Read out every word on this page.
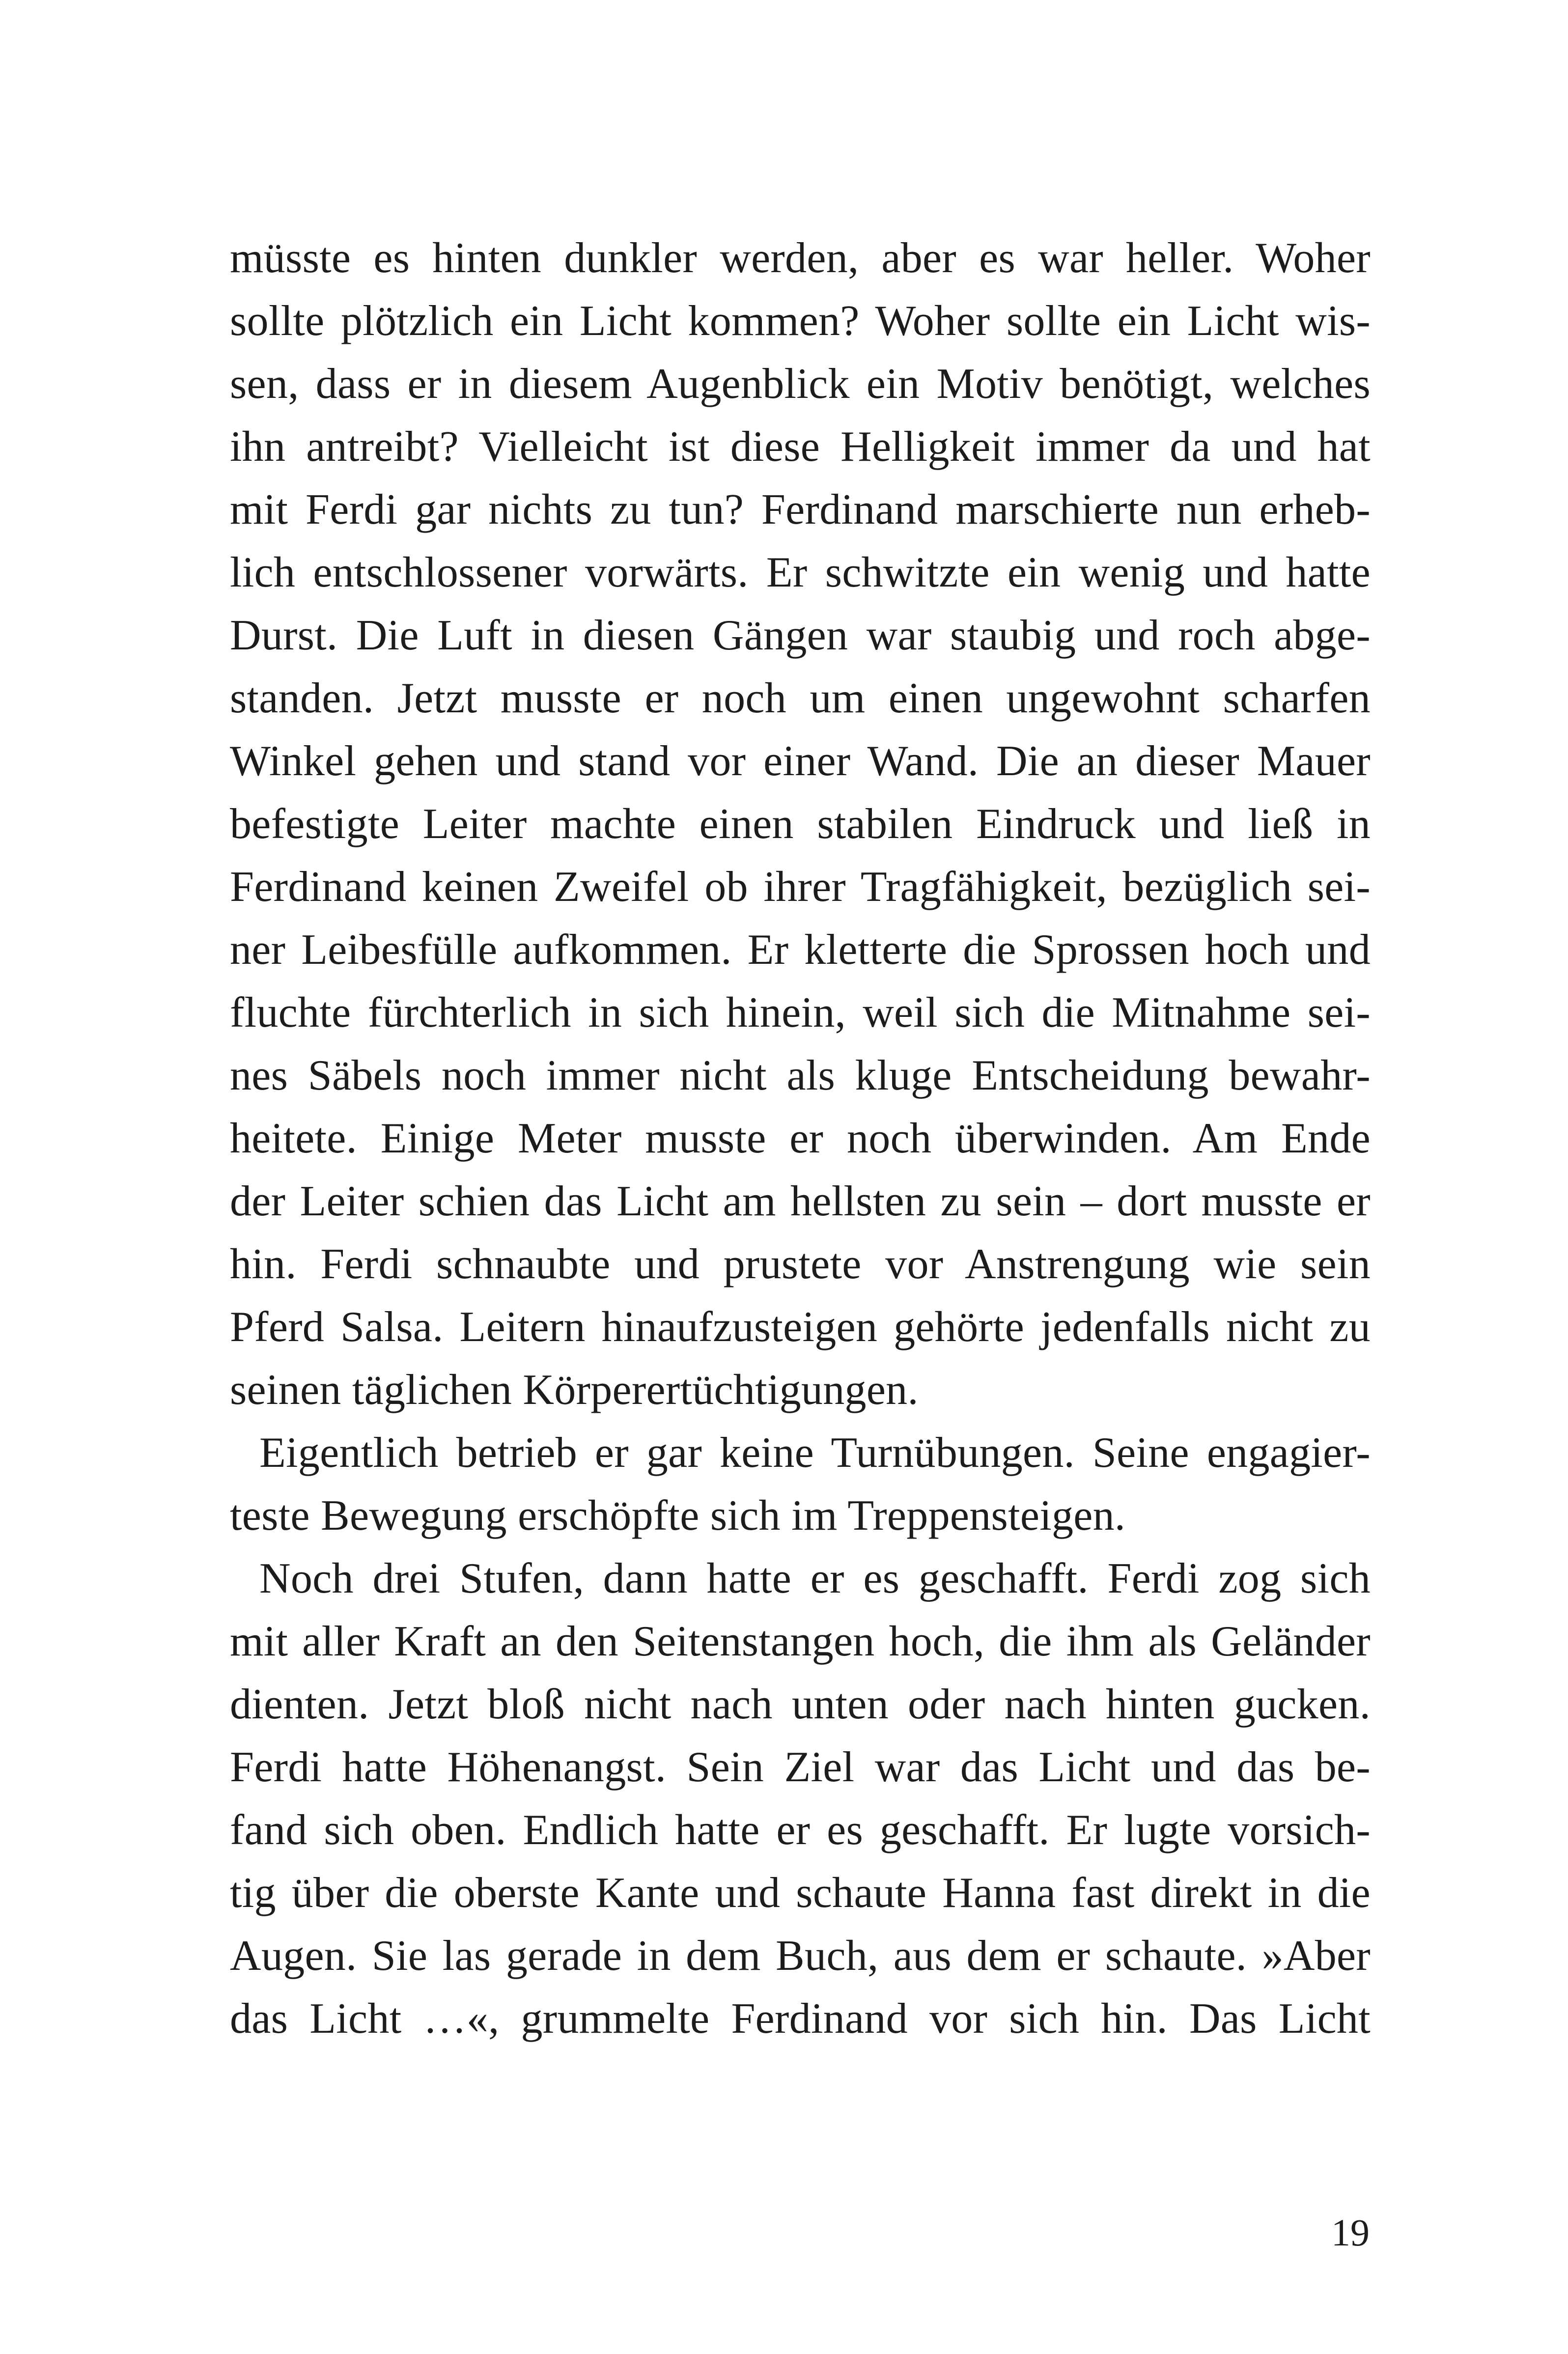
müsste es hinten dunkler werden, aber es war heller. Woher
sollte plötzlich ein Licht kommen? Woher sollte ein Licht wis-
sen, dass er in diesem Augenblick ein Motiv benötigt, welches
ihn antreibt? Vielleicht ist diese Helligkeit immer da und hat
mit Ferdi gar nichts zu tun? Ferdinand marschierte nun erheb-
lich entschlossener vorwärts. Er schwitzte ein wenig und hatte
Durst. Die Luft in diesen Gängen war staubig und roch abge-
standen. Jetzt musste er noch um einen ungewohnt scharfen
Winkel gehen und stand vor einer Wand. Die an dieser Mauer
befestigte Leiter machte einen stabilen Eindruck und ließ in
Ferdinand keinen Zweifel ob ihrer Tragfähigkeit, bezüglich sei-
ner Leibesfülle aufkommen. Er kletterte die Sprossen hoch und
fluchte fürchterlich in sich hinein, weil sich die Mitnahme sei-
nes Säbels noch immer nicht als kluge Entscheidung bewahr-
heitete. Einige Meter musste er noch überwinden. Am Ende
der Leiter schien das Licht am hellsten zu sein – dort musste er
hin. Ferdi schnaubte und prustete vor Anstrengung wie sein
Pferd Salsa. Leitern hinaufzusteigen gehörte jedenfalls nicht zu
seinen täglichen Körperertüchtigungen.
Eigentlich betrieb er gar keine Turnübungen. Seine engagier-
teste Bewegung erschöpfte sich im Treppensteigen.
Noch drei Stufen, dann hatte er es geschafft. Ferdi zog sich
mit aller Kraft an den Seitenstangen hoch, die ihm als Geländer
dienten. Jetzt bloß nicht nach unten oder nach hinten gucken.
Ferdi hatte Höhenangst. Sein Ziel war das Licht und das be-
fand sich oben. Endlich hatte er es geschafft. Er lugte vorsich-
tig über die oberste Kante und schaute Hanna fast direkt in die
Augen. Sie las gerade in dem Buch, aus dem er schaute. »Aber
das Licht …«, grummelte Ferdinand vor sich hin. Das Licht
19
